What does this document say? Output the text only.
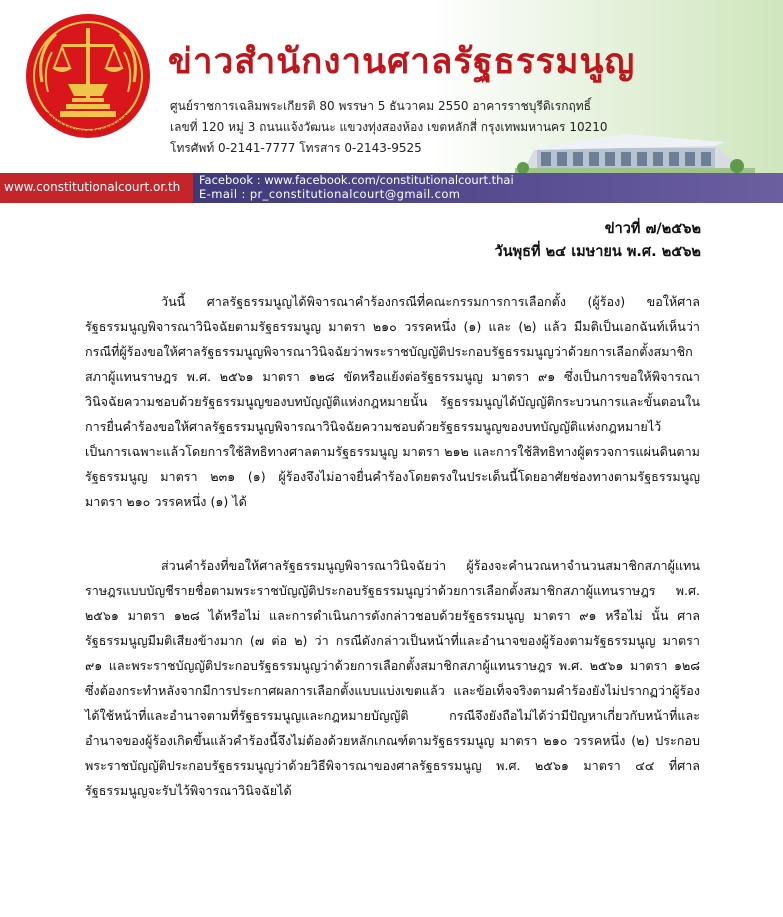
สำนักงานศาลรัฐธรรมนูญ
ข่าวสำนักงานศาลรัฐธรรมนูญ
ศูนย์ราชการเฉลิมพระเกียรติ 80 พรรษา 5 ธันวาคม 2550 อาคารราชบุรีดิเรกฤทธิ์
เลขที่ 120 หมู่ 3 ถนนแจ้งวัฒนะ แขวงทุ่งสองห้อง เขตหลักสี่ กรุงเทพมหานคร 10210
โทรศัพท์ 0-2141-7777 โทรสาร 0-2143-9525
www.constitutionalcourt.or.th Facebook : www.facebook.com/constitutionalcourt.thai
E-mail : pr_constitutionalcourt@gmail.com
ข่าวที่ ๗/๒๕๖๒
วันพุธที่ ๒๔ เมษายน พ.ศ. ๒๕๖๒

วันนี้ ศาลรัฐธรรมนูญได้พิจารณาคำร้องกรณีที่คณะกรรมการการเลือกตั้ง (ผู้ร้อง) ขอให้ศาลรัฐธรรมนูญพิจารณาวินิจฉัยตามรัฐธรรมนูญ มาตรา ๒๑๐ วรรคหนึ่ง (๑) และ (๒) แล้ว มีมติเป็นเอกฉันท์เห็นว่า กรณีที่ผู้ร้องขอให้ศาลรัฐธรรมนูญพิจารณาวินิจฉัยว่าพระราชบัญญัติประกอบรัฐธรรมนูญว่าด้วยการเลือกตั้งสมาชิกสภาผู้แทนราษฎร พ.ศ. ๒๕๖๑ มาตรา ๑๒๘ ขัดหรือแย้งต่อรัฐธรรมนูญ มาตรา ๙๑ ซึ่งเป็นการขอให้พิจารณาวินิจฉัยความชอบด้วยรัฐธรรมนูญของบทบัญญัติแห่งกฎหมายนั้น รัฐธรรมนูญได้บัญญัติกระบวนการและขั้นตอนในการยื่นคำร้องขอให้ศาลรัฐธรรมนูญพิจารณาวินิจฉัยความชอบด้วยรัฐธรรมนูญของบทบัญญัติแห่งกฎหมายไว้เป็นการเฉพาะแล้วโดยการใช้สิทธิทางศาลตามรัฐธรรมนูญ มาตรา ๒๑๒ และการใช้สิทธิทางผู้ตรวจการแผ่นดินตามรัฐธรรมนูญ มาตรา ๒๓๑ (๑) ผู้ร้องจึงไม่อาจยื่นคำร้องโดยตรงในประเด็นนี้โดยอาศัยช่องทางตามรัฐธรรมนูญ มาตรา ๒๑๐ วรรคหนึ่ง (๑) ได้

ส่วนคำร้องที่ขอให้ศาลรัฐธรรมนูญพิจารณาวินิจฉัยว่า ผู้ร้องจะคำนวณหาจำนวนสมาชิกสภาผู้แทนราษฎรแบบบัญชีรายชื่อตามพระราชบัญญัติประกอบรัฐธรรมนูญว่าด้วยการเลือกตั้งสมาชิกสภาผู้แทนราษฎร พ.ศ. ๒๕๖๑ มาตรา ๑๒๘ ได้หรือไม่ และการดำเนินการดังกล่าวชอบด้วยรัฐธรรมนูญ มาตรา ๙๑ หรือไม่ นั้น ศาลรัฐธรรมนูญมีมติเสียงข้างมาก (๗ ต่อ ๒) ว่า กรณีดังกล่าวเป็นหน้าที่และอำนาจของผู้ร้องตามรัฐธรรมนูญ มาตรา ๙๑ และพระราชบัญญัติประกอบรัฐธรรมนูญว่าด้วยการเลือกตั้งสมาชิกสภาผู้แทนราษฎร พ.ศ. ๒๕๖๑ มาตรา ๑๒๘ ซึ่งต้องกระทำหลังจากมีการประกาศผลการเลือกตั้งแบบแบ่งเขตแล้ว และข้อเท็จจริงตามคำร้องยังไม่ปรากฏว่าผู้ร้องได้ใช้หน้าที่และอำนาจตามที่รัฐธรรมนูญและกฎหมายบัญญัติ กรณีจึงยังถือไม่ได้ว่ามีปัญหาเกี่ยวกับหน้าที่และอำนาจของผู้ร้องเกิดขึ้นแล้วคำร้องนี้จึงไม่ต้องด้วยหลักเกณฑ์ตามรัฐธรรมนูญ มาตรา ๒๑๐ วรรคหนึ่ง (๒) ประกอบพระราชบัญญัติประกอบรัฐธรรมนูญว่าด้วยวิธีพิจารณาของศาลรัฐธรรมนูญ พ.ศ. ๒๕๖๑ มาตรา ๔๔ ที่ศาลรัฐธรรมนูญจะรับไว้พิจารณาวินิจฉัยได้
